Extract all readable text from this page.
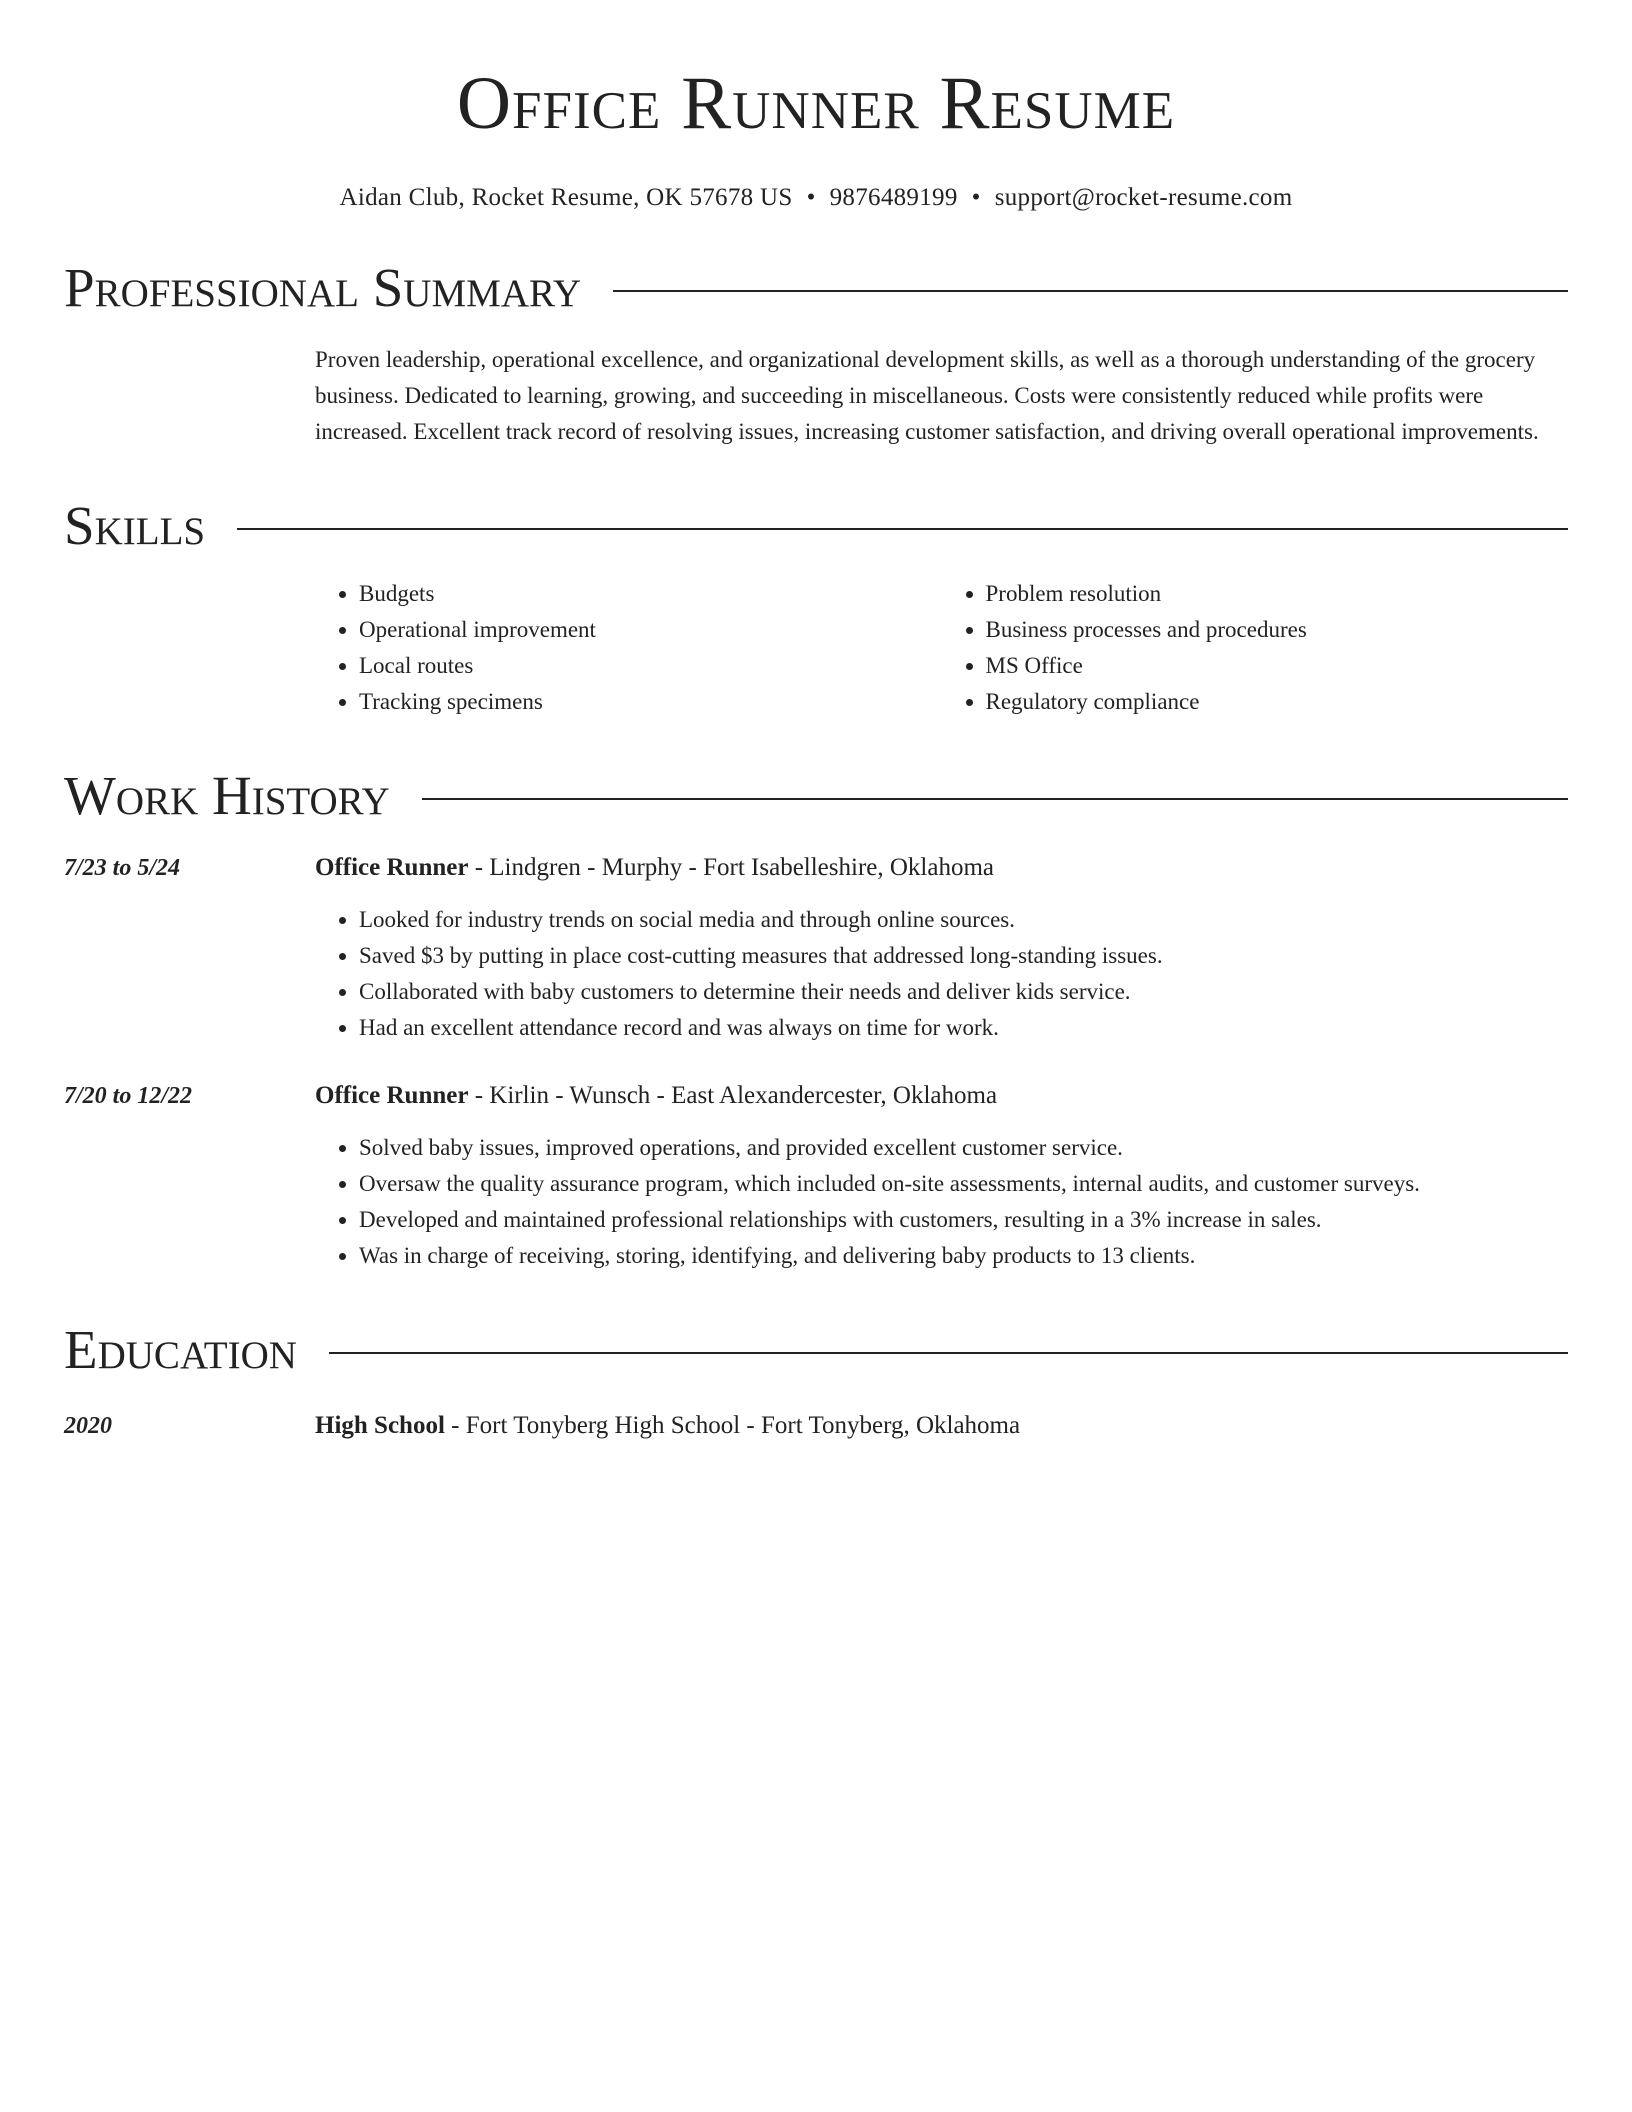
Office Runner Resume
Aidan Club, Rocket Resume, OK 57678 US • 9876489199 • support@rocket-resume.com
Professional Summary
Proven leadership, operational excellence, and organizational development skills, as well as a thorough understanding of the grocery business. Dedicated to learning, growing, and succeeding in miscellaneous. Costs were consistently reduced while profits were increased. Excellent track record of resolving issues, increasing customer satisfaction, and driving overall operational improvements.
Skills
• Budgets
• Operational improvement
• Local routes
• Tracking specimens
• Problem resolution
• Business processes and procedures
• MS Office
• Regulatory compliance
Work History
7/23 to 5/24	Office Runner - Lindgren - Murphy - Fort Isabelleshire, Oklahoma
• Looked for industry trends on social media and through online sources.
• Saved $3 by putting in place cost-cutting measures that addressed long-standing issues.
• Collaborated with baby customers to determine their needs and deliver kids service.
• Had an excellent attendance record and was always on time for work.
7/20 to 12/22	Office Runner - Kirlin - Wunsch - East Alexandercester, Oklahoma
• Solved baby issues, improved operations, and provided excellent customer service.
• Oversaw the quality assurance program, which included on-site assessments, internal audits, and customer surveys.
• Developed and maintained professional relationships with customers, resulting in a 3% increase in sales.
• Was in charge of receiving, storing, identifying, and delivering baby products to 13 clients.
Education
2020	High School - Fort Tonyberg High School - Fort Tonyberg, Oklahoma
